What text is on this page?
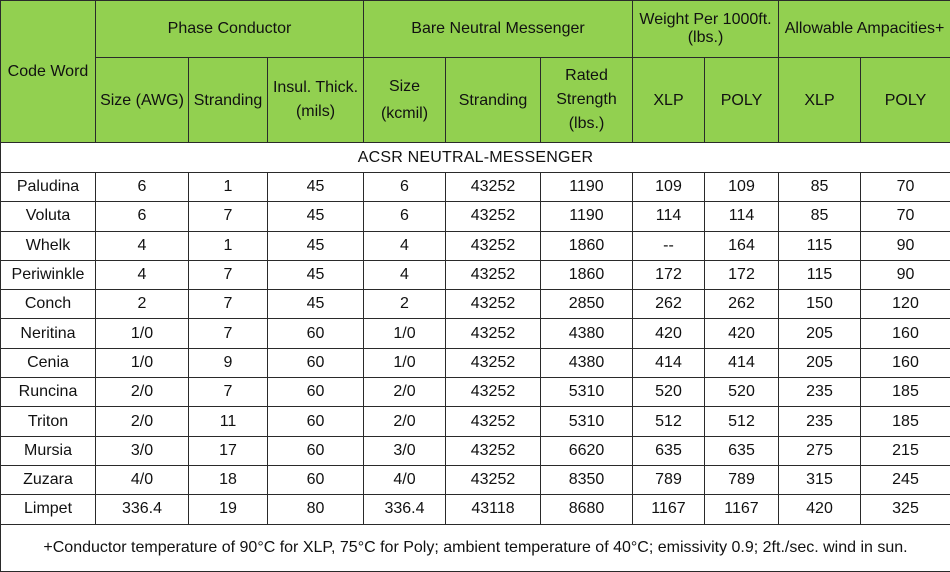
Code Word	Phase Conductor			Bare Neutral Messenger			Weight Per 1000ft.(lbs.)		Allowable Ampacities+	
	Size (AWG)	Stranding	Insul. Thick. (mils)	Size (kcmil)	Stranding	Rated Strength (lbs.)	XLP	POLY	XLP	POLY
ACSR NEUTRAL-MESSENGER										
Paludina	6	1	45	6	43252	1190	109	109	85	70
Voluta	6	7	45	6	43252	1190	114	114	85	70
Whelk	4	1	45	4	43252	1860	--	164	115	90
Periwinkle	4	7	45	4	43252	1860	172	172	115	90
Conch	2	7	45	2	43252	2850	262	262	150	120
Neritina	1/0	7	60	1/0	43252	4380	420	420	205	160
Cenia	1/0	9	60	1/0	43252	4380	414	414	205	160
Runcina	2/0	7	60	2/0	43252	5310	520	520	235	185
Triton	2/0	11	60	2/0	43252	5310	512	512	235	185
Mursia	3/0	17	60	3/0	43252	6620	635	635	275	215
Zuzara	4/0	18	60	4/0	43252	8350	789	789	315	245
Limpet	336.4	19	80	336.4	43118	8680	1167	1167	420	325
+Conductor temperature of 90°C for XLP, 75°C for Poly; ambient temperature of 40°C; emissivity 0.9; 2ft./sec. wind in sun.										
